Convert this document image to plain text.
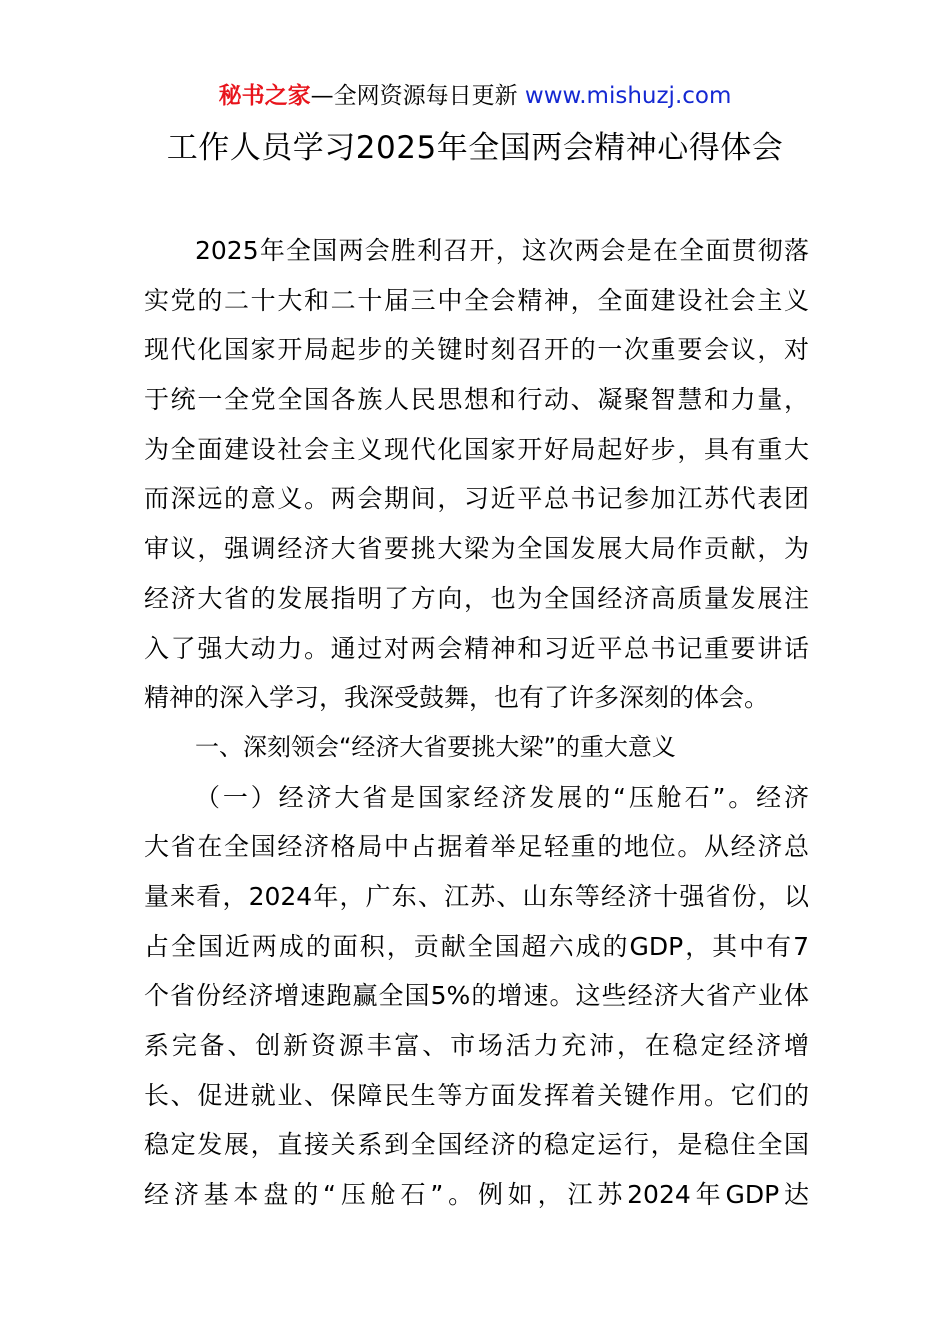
秘书之家—全网资源每日更新 www.mishuzj.com
工作人员学习2025年全国两会精神心得体会
2025年全国两会胜利召开，这次两会是在全面贯彻落
实党的二十大和二十届三中全会精神，全面建设社会主义
现代化国家开局起步的关键时刻召开的一次重要会议，对
于统一全党全国各族人民思想和行动、凝聚智慧和力量，
为全面建设社会主义现代化国家开好局起好步，具有重大
而深远的意义。两会期间，习近平总书记参加江苏代表团
审议，强调经济大省要挑大梁为全国发展大局作贡献，为
经济大省的发展指明了方向，也为全国经济高质量发展注
入了强大动力。通过对两会精神和习近平总书记重要讲话
精神的深入学习，我深受鼓舞，也有了许多深刻的体会。
一、深刻领会“经济大省要挑大梁”的重大意义
（一）经济大省是国家经济发展的“压舱石”。经济
大省在全国经济格局中占据着举足轻重的地位。从经济总
量来看，2024年，广东、江苏、山东等经济十强省份，以
占全国近两成的面积，贡献全国超六成的GDP，其中有7
个省份经济增速跑赢全国5%的增速。这些经济大省产业体
系完备、创新资源丰富、市场活力充沛，在稳定经济增
长、促进就业、保障民生等方面发挥着关键作用。它们的
稳定发展，直接关系到全国经济的稳定运行，是稳住全国
经济基本盘的“压舱石”。例如，江苏2024年GDP达
